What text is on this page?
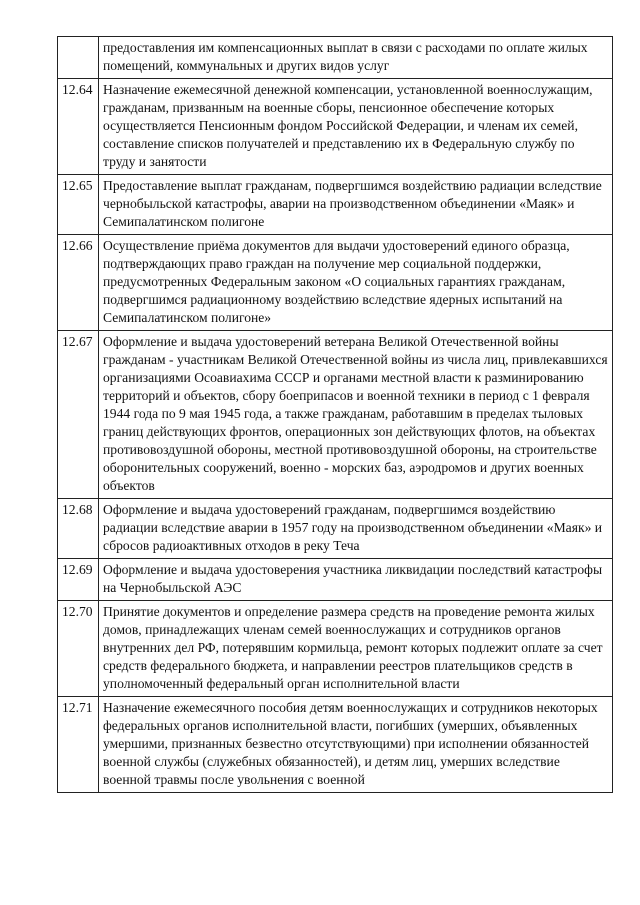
	предоставления им компенсационных выплат в связи с расходами по оплате жилых помещений, коммунальных и других видов услуг
12.64	Назначение ежемесячной денежной компенсации, установленной военнослужащим, гражданам, призванным на военные сборы, пенсионное обеспечение которых осуществляется Пенсионным фондом Российской Федерации, и членам их семей, составление списков получателей и представлению их в Федеральную службу по труду и занятости
12.65	Предоставление выплат гражданам, подвергшимся воздействию радиации вследствие чернобыльской катастрофы, аварии на производственном объединении «Маяк» и Семипалатинском полигоне
12.66	Осуществление приёма документов для выдачи удостоверений единого образца, подтверждающих право граждан на получение мер социальной поддержки, предусмотренных Федеральным законом «О социальных гарантиях гражданам, подвергшимся радиационному воздействию вследствие ядерных испытаний на Семипалатинском полигоне»
12.67	Оформление и выдача удостоверений ветерана Великой Отечественной войны гражданам - участникам Великой Отечественной войны из числа лиц, привлекавшихся организациями Осоавиахима СССР и органами местной власти к разминированию территорий и объектов, сбору боеприпасов и военной техники в период с 1 февраля 1944 года по 9 мая 1945 года, а также гражданам, работавшим в пределах тыловых границ действующих фронтов, операционных зон действующих флотов, на объектах противовоздушной обороны, местной противовоздушной обороны, на строительстве оборонительных сооружений, военно - морских баз, аэродромов и других военных объектов
12.68	Оформление и выдача удостоверений гражданам, подвергшимся воздействию радиации вследствие аварии в 1957 году на производственном объединении «Маяк» и сбросов радиоактивных отходов в реку Теча
12.69	Оформление и выдача удостоверения участника ликвидации последствий катастрофы на Чернобыльской АЭС
12.70	Принятие документов и определение размера средств на проведение ремонта жилых домов, принадлежащих членам семей военнослужащих и сотрудников органов внутренних дел РФ, потерявшим кормильца, ремонт которых подлежит оплате за счет средств федерального бюджета, и направлении реестров плательщиков средств в уполномоченный федеральный орган исполнительной власти
12.71	Назначение ежемесячного пособия детям военнослужащих и сотрудников некоторых федеральных органов исполнительной власти, погибших (умерших, объявленных умершими, признанных безвестно отсутствующими) при исполнении обязанностей военной службы (служебных обязанностей), и детям лиц, умерших вследствие военной травмы после увольнения с военной
